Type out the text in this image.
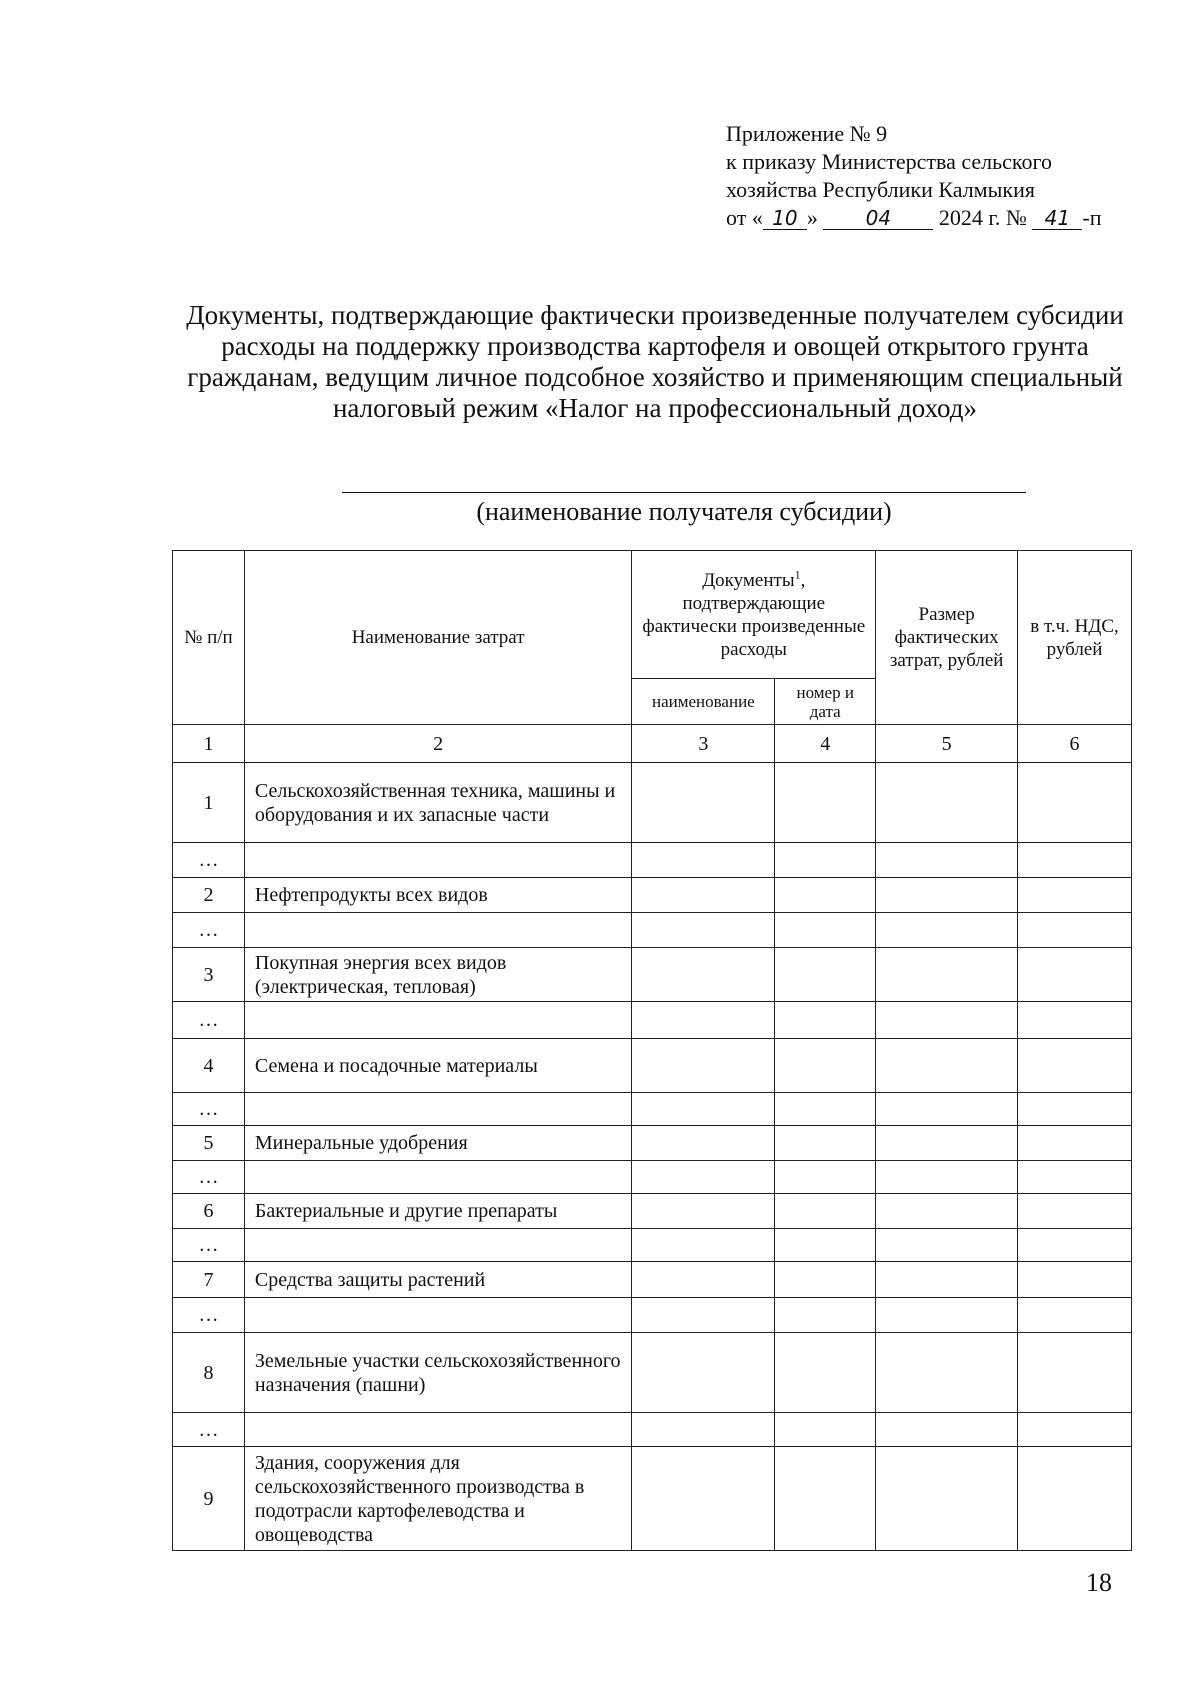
Приложение № 9
к приказу Министерства сельского
хозяйства Республики Калмыкия
от « 10 » 04 2024 г. № 41 -п
Документы, подтверждающие фактически произведенные получателем субсидии расходы на поддержку производства картофеля и овощей открытого грунта гражданам, ведущим личное подсобное хозяйство и применяющим специальный налоговый режим «Налог на профессиональный доход»
(наименование получателя субсидии)
№ п/п	Наименование затрат	Документы$^1$, подтверждающие фактически произведенные расходы		Размер фактических затрат, рублей	в т.ч. НДС, рублей
		наименование	номер и дата		
1	2	3	4	5	6
1	Сельскохозяйственная техника, машины и оборудования и их запасные части				
…					
2	Нефтепродукты всех видов				
…					
3	Покупная энергия всех видов (электрическая, тепловая)				
…					
4	Семена и посадочные материалы				
…					
5	Минеральные удобрения				
…					
6	Бактериальные и другие препараты				
…					
7	Средства защиты растений				
…					
8	Земельные участки сельскохозяйственного назначения (пашни)				
…					
9	Здания, сооружения для сельскохозяйственного производства в подотрасли картофелеводства и овощеводства				
18
